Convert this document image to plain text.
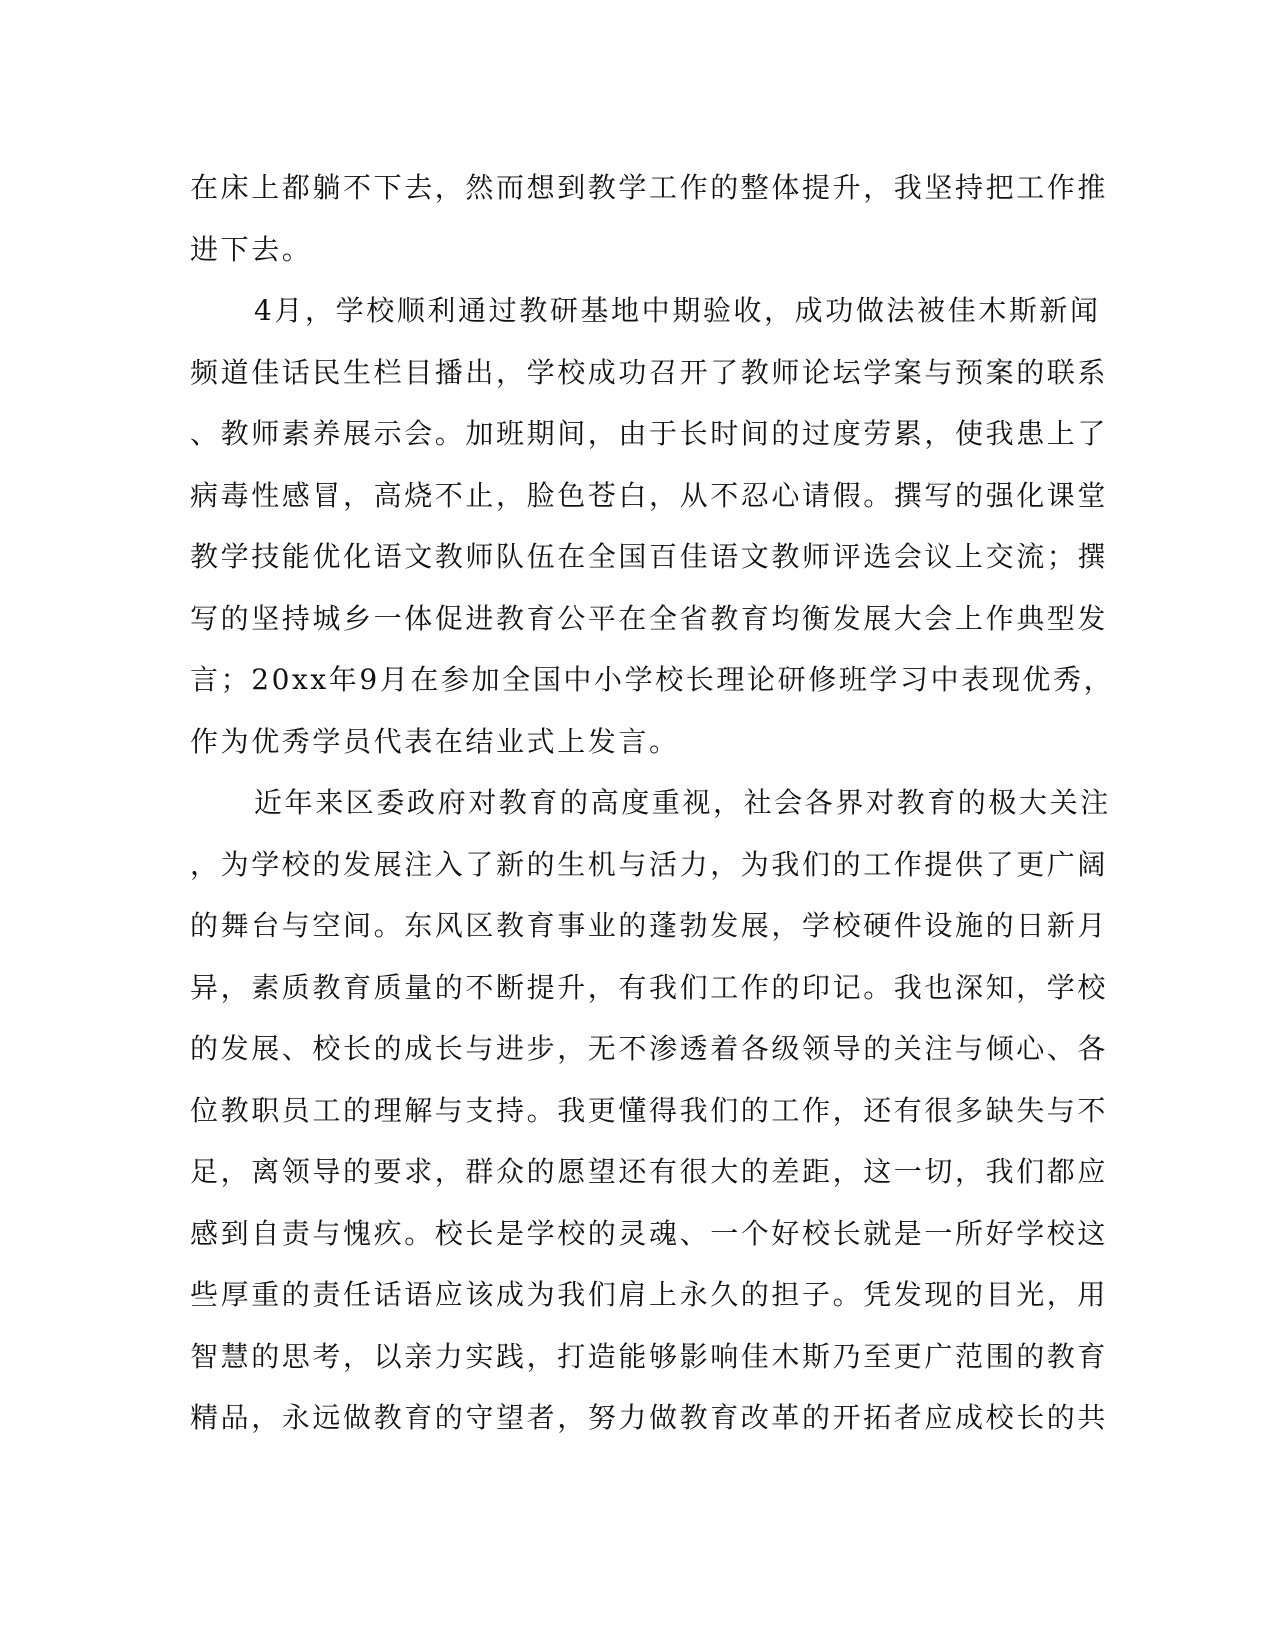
在床上都躺不下去，然而想到教学工作的整体提升，我坚持把工作推
进下去。
4月，学校顺利通过教研基地中期验收，成功做法被佳木斯新闻
频道佳话民生栏目播出，学校成功召开了教师论坛学案与预案的联系
、教师素养展示会。加班期间，由于长时间的过度劳累，使我患上了
病毒性感冒，高烧不止，脸色苍白，从不忍心请假。撰写的强化课堂
教学技能优化语文教师队伍在全国百佳语文教师评选会议上交流；撰
写的坚持城乡一体促进教育公平在全省教育均衡发展大会上作典型发
言；20xx年9月在参加全国中小学校长理论研修班学习中表现优秀，
作为优秀学员代表在结业式上发言。
近年来区委政府对教育的高度重视，社会各界对教育的极大关注
，为学校的发展注入了新的生机与活力，为我们的工作提供了更广阔
的舞台与空间。东风区教育事业的蓬勃发展，学校硬件设施的日新月
异，素质教育质量的不断提升，有我们工作的印记。我也深知，学校
的发展、校长的成长与进步，无不渗透着各级领导的关注与倾心、各
位教职员工的理解与支持。我更懂得我们的工作，还有很多缺失与不
足，离领导的要求，群众的愿望还有很大的差距，这一切，我们都应
感到自责与愧疚。校长是学校的灵魂、一个好校长就是一所好学校这
些厚重的责任话语应该成为我们肩上永久的担子。凭发现的目光，用
智慧的思考，以亲力实践，打造能够影响佳木斯乃至更广范围的教育
精品，永远做教育的守望者，努力做教育改革的开拓者应成校长的共
